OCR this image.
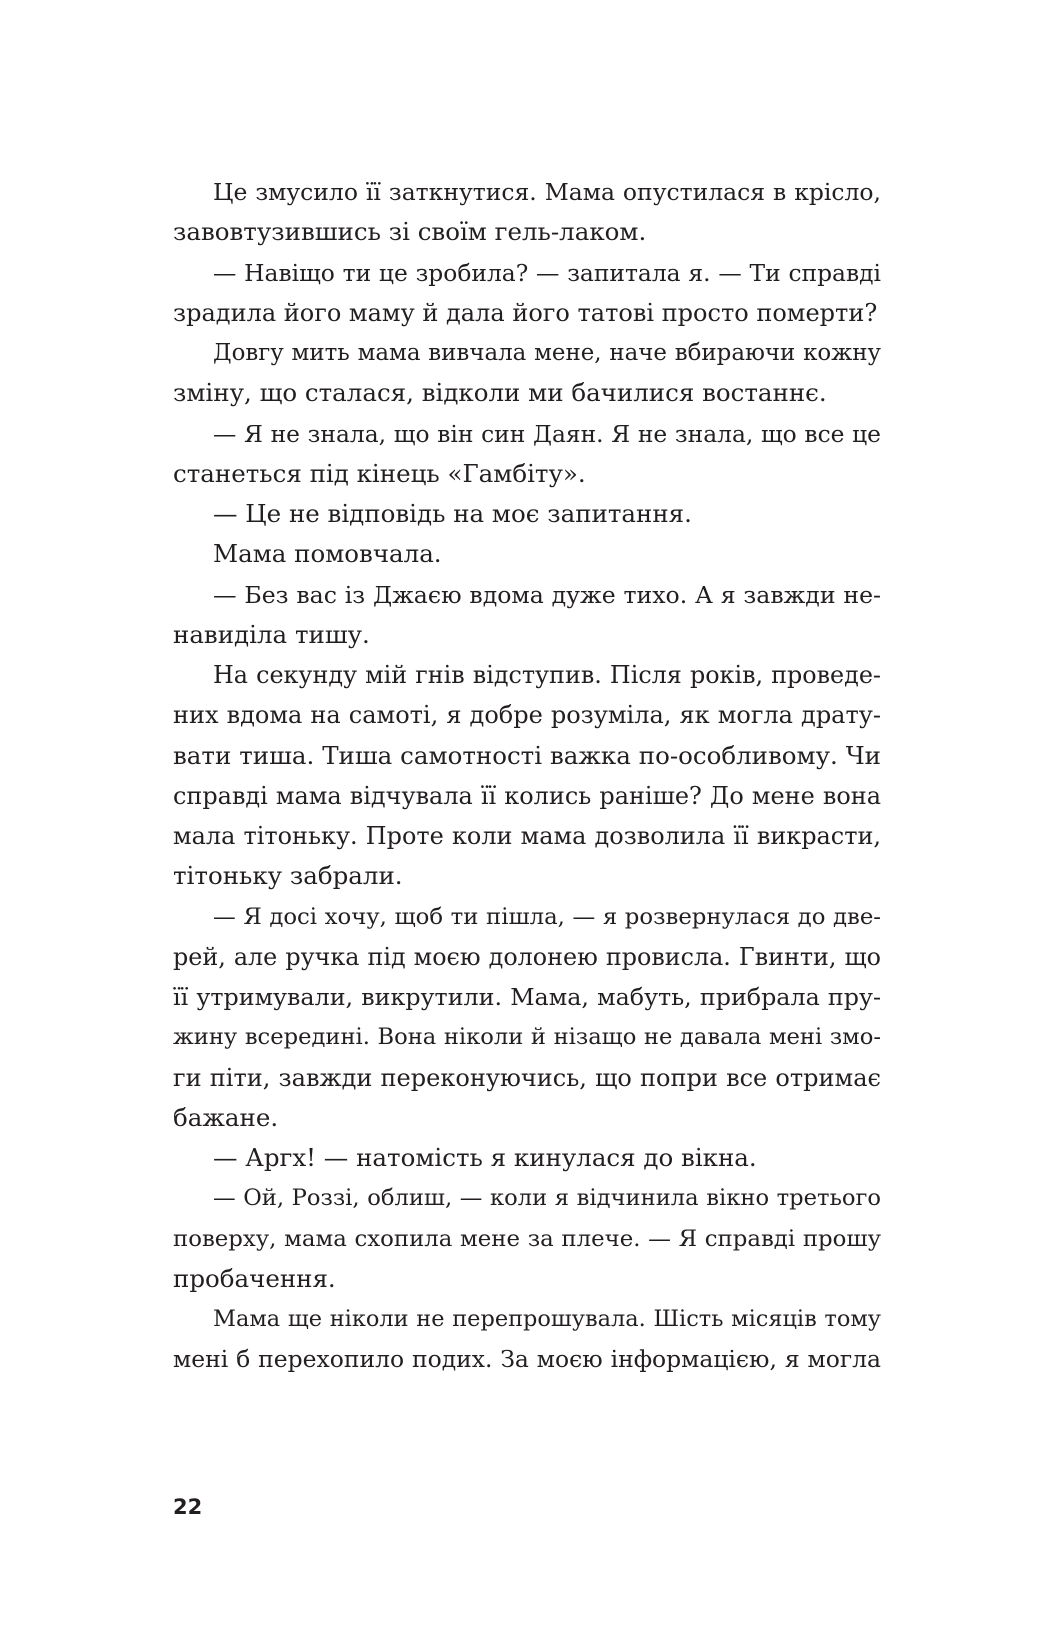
Це змусило її заткнутися. Мама опустилася в крісло,
завовтузившись зі своїм гель-лаком.
— Навіщо ти це зробила? — запитала я. — Ти справді
зрадила його маму й дала його татові просто померти?
Довгу мить мама вивчала мене, наче вбираючи кожну
зміну, що сталася, відколи ми бачилися востаннє.
— Я не знала, що він син Даян. Я не знала, що все це
станеться під кінець «Гамбіту».
— Це не відповідь на моє запитання.
Мама помовчала.
— Без вас із Джаєю вдома дуже тихо. А я завжди не-
навиділа тишу.
На секунду мій гнів відступив. Після років, проведе-
них вдома на самоті, я добре розуміла, як могла драту-
вати тиша. Тиша самотності важка по-особливому. Чи
справді мама відчувала її колись раніше? До мене вона
мала тітоньку. Проте коли мама дозволила її викрасти,
тітоньку забрали.
— Я досі хочу, щоб ти пішла, — я розвернулася до две-
рей, але ручка під моєю долонею провисла. Гвинти, що
її утримували, викрутили. Мама, мабуть, прибрала пру-
жину всередині. Вона ніколи й нізащо не давала мені змо-
ги піти, завжди переконуючись, що попри все отримає
бажане.
— Аргх! — натомість я кинулася до вікна.
— Ой, Роззі, облиш, — коли я відчинила вікно третього
поверху, мама схопила мене за плече. — Я справді прошу
пробачення.
Мама ще ніколи не перепрошувала. Шість місяців тому
мені б перехопило подих. За моєю інформацією, я могла
22
